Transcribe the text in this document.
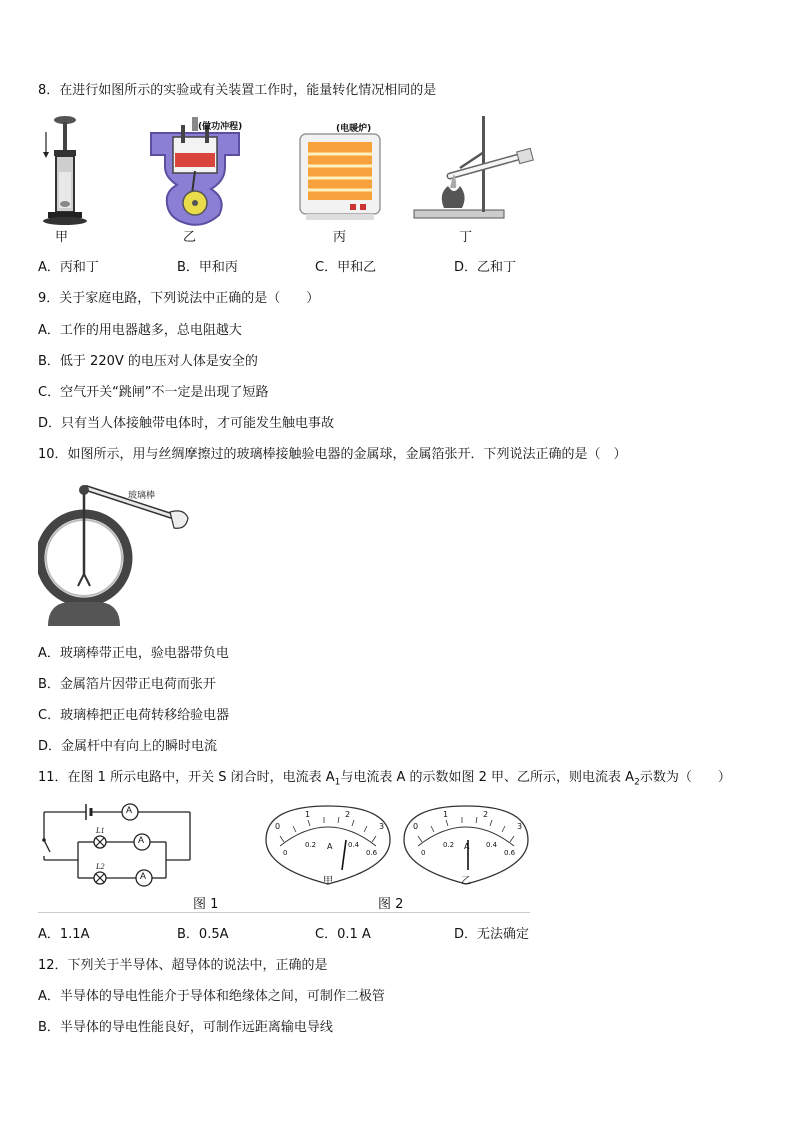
8．在进行如图所示的实验或有关装置工作时，能量转化情况相同的是
甲
(做功冲程)
乙
(电暖炉)
丙	丁
A．丙和丁	B．甲和丙	C．甲和乙	D．乙和丁
9．关于家庭电路，下列说法中正确的是（　　）
A．工作的用电器越多，总电阻越大
B．低于 220V 的电压对人体是安全的
C．空气开关“跳闸”不一定是出现了短路
D．只有当人体接触带电体时，才可能发生触电事故
10．如图所示，用与丝绸摩擦过的玻璃棒接触验电器的金属球，金属箔张开．下列说法正确的是（　）
玻璃棒
A．玻璃棒带正电，验电器带负电
B．金属箔片因带正电荷而张开
C．玻璃棒把正电荷转移给验电器
D．金属杆中有向上的瞬时电流
11．在图 1 所示电路中，开关 S 闭合时，电流表 $A_1$与电流表 A 的示数如图 2 甲、乙所示，则电流表 $A_2$示数为（　　）
A
A
A
L1
L2
图 1
0
1	2
3
0
0.2	0.4
0.6
A
0
1	2
3
0
0.2	0.4
0.6
A
甲	乙
图 2
A．1.1A	B．0.5A	C．0.1 A	D．无法确定
12．下列关于半导体、超导体的说法中，正确的是
A．半导体的导电性能介于导体和绝缘体之间，可制作二极管
B．半导体的导电性能良好，可制作远距离输电导线
